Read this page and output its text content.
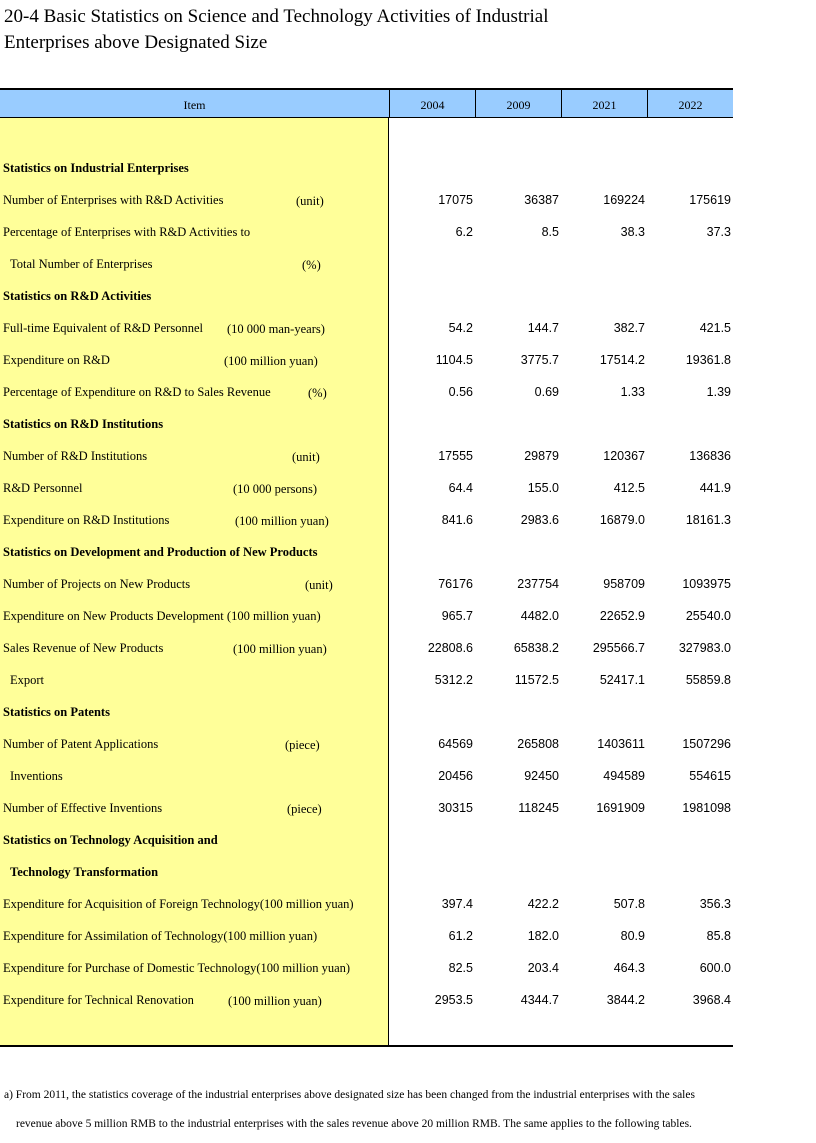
20-4 Basic Statistics on Science and Technology Activities of Industrial
Enterprises above Designated Size
Item	2004	2009	2021	2022
Statistics on Industrial Enterprises
Number of Enterprises with R&D Activities	(unit)	17075	36387	169224	175619
Percentage of Enterprises with R&D Activities to	6.2	8.5	38.3	37.3
Total Number of Enterprises	(%)
Statistics on R&D Activities
Full-time Equivalent of R&D Personnel (10 000 man-years)	54.2	144.7	382.7	421.5
Expenditure on R&D	(100 million yuan)	1104.5	3775.7	17514.2	19361.8
Percentage of Expenditure on R&D to Sales Revenue	(%)	0.56	0.69	1.33	1.39
Statistics on R&D Institutions
Number of R&D Institutions	(unit)	17555	29879	120367	136836
R&D Personnel	(10 000 persons)	64.4	155.0	412.5	441.9
Expenditure on R&D Institutions	(100 million yuan)	841.6	2983.6	16879.0	18161.3
Statistics on Development and Production of New Products
Number of Projects on New Products	(unit)	76176	237754	958709	1093975
Expenditure on New Products Development (100 million yuan)	965.7	4482.0	22652.9	25540.0
Sales Revenue of New Products	(100 million yuan)	22808.6	65838.2	295566.7	327983.0
Export	5312.2	11572.5	52417.1	55859.8
Statistics on Patents
Number of Patent Applications	(piece)	64569	265808	1403611	1507296
Inventions	20456	92450	494589	554615
Number of Effective Inventions	(piece)	30315	118245	1691909	1981098
Statistics on Technology Acquisition and
Technology Transformation
Expenditure for Acquisition of Foreign Technology(100 million yuan)	397.4	422.2	507.8	356.3
Expenditure for Assimilation of Technology(100 million yuan)	61.2	182.0	80.9	85.8
Expenditure for Purchase of Domestic Technology(100 million yuan)	82.5	203.4	464.3	600.0
Expenditure for Technical Renovation	(100 million yuan)	2953.5	4344.7	3844.2	3968.4
a) From 2011, the statistics coverage of the industrial enterprises above designated size has been changed from the industrial enterprises with the sales
revenue above 5 million RMB to the industrial enterprises with the sales revenue above 20 million RMB. The same applies to the following tables.
